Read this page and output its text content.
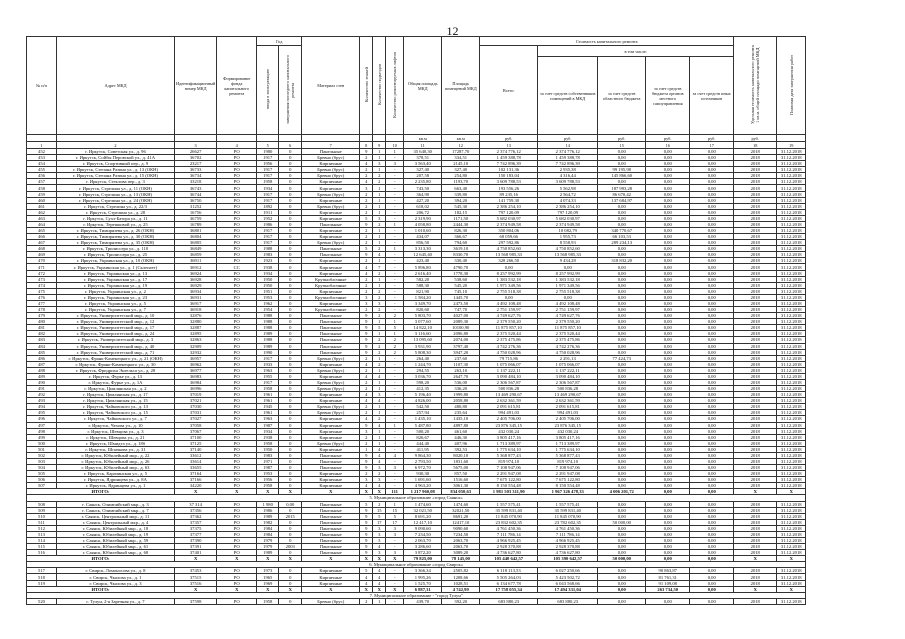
12
№ п/п	Адрес МКД	Идентификационный номер МКД	Формирование фонда капитального ремонта	Год		Материал стен	Количество этажей	Количество подъездов	Количество ремонтируемых лифтов	Общая площадь МКД	Площадь помещений МКД	Стоимость капитального ремонта					Удельная стоимость капитального ремонта 1 кв.м. общей площади помещений МКД	Плановая дата завершения работ
				ввода в эксплуатацию	завершения последнего капитального ремонта							Всего:	в том числе:					
													за счет средств собственников помещений в МКД	за счет средств областного бюджета	за счет средств бюджета органов местного самоуправления	за счет средств иных источников		
										кв.м	кв.м	руб.	руб.	руб.	руб.	руб.	руб.	
1	2	3	4	5	6	7	8	9	10	11	12	13	14	15	16	17	18	19
452	г. Иркутск, Советская ул., д. 96	26627	РО	1980	0	Панельные	9	1	1	35 640,30	17287,70	2 374 776,12	2 374 776,12	0,00	0,00	0,00	2018	31.12.2018
453	г. Иркутск, Сойбы Перовской ул., д. 41А	36702	РО	1917	0	Бревно (брус)	2	1	-	378,51	334,51	1 459 388,78	1 459 388,78	0,00	0,00	0,00	2018	31.12.2018
454	г. Иркутск, Спортивный пер., д. 9	23217	РО	1956	0	Кирпичные	4	3	3	3 563,40	2145,10	7 742 896,39	7 742 896,39	0,00	0,00	0,00	2018	31.12.2018
455	г. Иркутск, Степана Разина ул., д. 13 (ОКН)	36733	РО	1917	0	Бревно (брус)	2	1	-	327,40	327,40	102 131,36	2 935,38	99 195,98	0,00	0,00	2018	31.12.2018
456	г. Иркутск, Степана Разина ул., д. 15 (ОКН)	36734	РО	1917	0	Бревно (брус)	2	2	-	207,58	254,80	150 183,04	4 316,44	145 866,60	0,00	0,00	2018	31.12.2018
457	г. Иркутск, Стеклова пер., д. 3	33218	РО	1958	0	Кирпичные	4	2	-	2 235,80	1193,70	3 609 788,53	3 609 788,53	0,00	0,00	0,00	2018	31.12.2018
458	г. Иркутск, Стрелина ул., д. 11 (ОКН)	36743	РО	1934	0	Кирпичные	3	1	-	743,50	663,40	193 556,26	5 562,98	187 993,28	0,00	0,00	2018	31.12.2018
459	г. Иркутск, Стрелина ул., д. 13 (ОКН)	36744	РО	1917	0	Бревно (брус)	2	1	-	364,90	339,80	89 235,16	2 564,72	86 670,42	0,00	0,00	2018	31.12.2018
460	г. Иркутск, Стрелина ул., д. 24 (ОКН)	36750	РО	1917	0	Кирпичные	2	1	-	427,20	394,20	141 759,30	4 074,33	137 684,97	0,00	0,00	2018	31.12.2018
461	г. Иркутск, Стрелина ул., д. 22/3	31252	РО	1892	0	Бревно (брус)	2	1	-	618,02	545,30	2 386 254,10	2 386 254,10	0,00	0,00	0,00	2018	31.12.2018
462	г. Иркутск, Стрелина ул., д. 28	16756	РО	1911	0	Кирпичные	2	1	-	206,72	182,15	797 120,09	797 120,09	0,00	0,00	0,00	2018	31.12.2018
463	г. Иркутск, Сухэ-Батора ул., д. 11	36759	РО	1952	0	Кирпичные	5	3	-	2 319,90	1171,50	5 682 030,97	5 682 030,97	0,00	0,00	0,00	2018	31.12.2018
464	г. Иркутск, Терешковой ул., д. 25	16789	РО	1986	0	Панельные	9	2	1	4 058,80	2444,30	2 374 949,58	2 374 949,58	0,00	0,00	0,00	2018	31.12.2018
465	г. Иркутск, Тимирязева ул., д. 26 (ОКН)	36801	РО	1917	0	Кирпичные	2	1	-	1 010,60	826,30	350 804,06	10 082,79	340 770,67	0,00	0,00	2018	31.12.2018
466	г. Иркутск, Тимирязева ул., д. 30 (ОКН)	36804	РО	1917	0	Кирпичные	2	1	-	434,07	366,67	68 059,66	1 955,73	66 103,53	0,00	0,00	2018	31.12.2018
467	г. Иркутск, Тимирязева ул., д. 35 (ОКН)	36805	РО	1917	0	Бревно (брус)	2	1	-	856,50	794,60	297 592,86	8 558,93	289 234,13	0,00	0,00	2018	31.12.2018
468	г. Иркутск, Трилиссера ул., д. 110	36849	РО	1988	0	Панельные	5	2	1	3 313,30	3619,10	4 750 852,60	4 750 852,60	0,00	0,00	0,00	2018	31.12.2018
469	г. Иркутск, Трилиссера ул., д. 25	36859	РО	1983	0	Панельные	9	4	-	12 645,40	8330,70	13 568 985,33	13 568 985,33	0,00	0,00	0,00	2018	31.12.2018
470	г. Иркутск, Украинская ул., д. 10 (ОКН)	36911	РО	1923	0	Кирпичные	2	1	-	423,40	330,40	328 266,50	9 434,28	318 832,20	0,00	0,00	2018	31.12.2018
471	г. Иркутск, Украинская ул., д. 1 (Склепает)	36912	СС	1938	0	Кирпичные	4	7	-	5 896,80	4790,70	0,00	0,00	0,00	0,00	0,00	2018	31.12.2018
472	г. Иркутск, Украинская ул., д. 13	36924	РО	1934	0	Кирпичные	4	2	-	2 616,40	1778,30	8 257 992,99	8 257 992,99	0,00	0,00	0,00	2018	31.12.2018
473	г. Иркутск, Украинская ул., д. 17	36928	РО	1950	0	Крупноблочные	2	1	-	582,20	538,60	1 383 532,18	1 383 532,18	0,00	0,00	0,00	2018	31.12.2018
474	г. Иркутск, Украинская ул., д. 19	36929	РО	1950	0	Крупноблочные	2	1	-	588,30	545,20	1 971 349,56	1 971 349,56	0,00	0,00	0,00	2018	31.12.2018
475	г. Иркутск, Украинская ул., д. 2	36934	РО	1951	0	Кирпичные	2	2	-	821,90	745,10	2 755 518,38	2 755 518,38	0,00	0,00	0,00	2018	31.12.2018
476	г. Иркутск, Украинская ул., д. 23	36931	РО	1953	0	Крупноблочные	3	2	-	1 584,20	1445,70	0,00	0,00	0,00	0,00	0,00	2018	31.12.2018
477	г. Иркутск, Украинская ул., д. 5	36917	РО	1962	0	Кирпичные	3	3	-	3 349,70	2473,50	4 492 108,48	4 492 108,48	0,00	0,00	0,00	2018	31.12.2018
478	г. Иркутск, Украинская ул., д. 7	36918	РО	1954	0	Крупноблочные	2	2	-	820,60	747,70	2 751 159,97	2 751 159,97	0,00	0,00	0,00	2018	31.12.2018
479	г. Иркутск, Университетский мкр., д. 10	32876	РО	1988	0	Панельные	9	2	2	5 803,70	4027,00	4 749 627,76	4 749 627,76	0,00	0,00	0,00	2018	31.12.2018
480	г. Иркутск, Университетский мкр., д. 12	32880	РО	1988	0	Панельные	9	1	1	3 077,60	2089,30	2 379 550,20	2 379 550,20	0,00	0,00	0,00	2018	31.12.2018
481	г. Иркутск, Университетский мкр., д. 17	32887	РО	1988	0	Панельные	9	5	5	14 822,10	10100,90	11 875 857,10	11 875 857,10	0,00	0,00	0,00	2018	31.12.2018
482	г. Иркутск, Университетский мкр., д. 24	32895	РО	1989	0	Панельные	9	1	1	3 116,60	2096,80	2 375 520,44	2 375 520,44	0,00	0,00	0,00	2018	31.12.2018
483	г. Иркутск, Университетский мкр., д. 3	32863	РО	1988	0	Панельные	9	2	2	13 095,60	2074,00	2 375 475,86	2 375 475,86	0,00	0,00	0,00	2018	31.12.2018
484	г. Иркутск, Университетский мкр., д. 40	32909	РО	1989	0	Панельные	9	2	2	3 931,90	3797,40	4 742 276,36	4 742 276,36	0,00	0,00	0,00	2018	31.12.2018
485	г. Иркутск, Университетский мкр., д. 71	32932	РО	1990	0	Панельные	9	2	2	5 808,30	3947,20	4 750 028,96	4 750 028,96	0,00	0,00	0,00	2018	31.12.2018
486	г. Иркутск, Франк-Каменецкого ул., д. 21 (ОКН)	36957	РО	1917	0	Бревно (брус)	2	1	-	264,40	237,60	79 715,86	2 291,13	77 424,73	0,00	0,00	2018	31.12.2018
487	г. Иркутск, Франк-Каменецкого ул., д. 30	36962	РО	1933	0	Кирпичные	4	2	-	1 244,70	1107,30	1 075 066,07	1 075 066,07	0,00	0,00	0,00	2018	31.12.2018
488	г. Иркутск, Фридриха Энгельса ул., д. 28	36977	РО	1963	0	Бревно (брус)	2	1	-	294,55	263,10	1 137 222,11	1 137 222,11	0,00	0,00	0,00	2018	31.12.2018
489	г. Иркутск, Фурье ул., д. 13	36983	РО	1955	0	Кирпичные	4	4	-	3 036,70	2647,70	3 090 484,10	3 090 484,10	0,00	0,00	0,00	2018	31.12.2018
490	г. Иркутск, Фурье ул., д. 1А	36984	РО	1917	0	Бревно (брус)	2	1	-	598,20	536,00	2 306 567,87	2 306 567,87	0,00	0,00	0,00	2018	31.12.2018
491	г. Иркутск, Цимлянская ул., д. 2	36996	РО	1958	0	Бревно (брус)	2	1	-	412,35	336,20	500 836,28	500 836,28	0,00	0,00	0,00	2018	31.12.2018
492	г. Иркутск, Цимлянская ул., д. 17	37019	РО	1961	0	Кирпичные	4	3	-	5 196,40	1999,80	13 469 290,67	13 469 290,67	0,00	0,00	0,00	2018	31.12.2018
493	г. Иркутск, Цимлянская ул., д. 15	37021	РО	1961	0	Кирпичные	4	4	-	4 826,00	2058,80	2 632 361,59	2 632 361,59	0,00	0,00	0,00	2018	31.12.2018
494	г. Иркутск, Чайковского ул., д. 13	37030	РО	1945	0	Бревно (брус)	2	1	-	542,50	480,80	2 091 615,81	2 091 615,81	0,00	0,00	0,00	2018	31.12.2018
495	г. Иркутск, Чайковского ул., д. 15	37031	РО	1961	0	Бревно (брус)	2	1	-	257,94	235,64	994 491,03	994 491,03	0,00	0,00	0,00	2018	31.12.2018
496	г. Иркутск, Чайковского ул., д. 7	37027	РО	1963	0	Кирпичные	4	2	-	1 435,10	1435,10	2 405 706,00	2 405 706,00	0,00	0,00	0,00	2018	31.12.2018
497	г. Иркутск, Чехова ул., д. 10	37058	РО	1987	0	Кирпичные	9	4	1	5 487,80	4897,80	23 876 345,15	23 876 345,15	0,00	0,00	0,00	2018	31.12.2018
498	г. Иркутск, Шевцова ул., д. 3	37067	РО	1934	0	Кирпичные	3	1	-	500,20	461,60	432 030,24	432 030,24	0,00	0,00	0,00	2018	31.12.2018
499	г. Иркутск, Шевцова ул., д. 21	37100	РО	1938	0	Кирпичные	2	1	-	826,67	446,30	3 805 417,16	3 805 417,16	0,00	0,00	0,00	2018	31.12.2018
500	г. Иркутск, Шмидта ул., д. 18б	37125	РО	1958	0	Бревно (брус)	2	1	-	444,40	407,96	1 713 389,97	1 713 389,97	0,00	0,00	0,00	2018	31.12.2018
501	г. Иркутск, Шпачкова ул., д. 31	37140	РО	1950	0	Кирпичные	1	4	-	411,95	392,53	1 775 634,10	1 775 634,10	0,00	0,00	0,00	2018	31.12.2018
502	г. Иркутск, Юбилейный мкр., д. 22	33612	РО	1983	0	Панельные	9	4	4	9 864,30	8020,10	5 368 877,43	5 368 877,43	0,00	0,00	0,00	2018	31.12.2018
503	г. Иркутск, Юбилейный мкр., д. 26	33614	РО	1971	0	Панельные	9	4	-	2 793,50	1831,60	819 974,10	819 974,10	0,00	0,00	0,00	2018	31.12.2018
504	г. Иркутск, Юбилейный мкр., д. 63	33655	РО	1987	0	Панельные	9	3	3	6 972,70	5675,00	7 108 947,06	7 108 947,06	0,00	0,00	0,00	2018	31.12.2018
505	г. Иркутск, Карачинская ул., д. 5	37164	РО	1953	0	Кирпичные	2	2	-	930,30	857,50	2 291 947,08	2 291 947,08	0,00	0,00	0,00	2018	31.12.2018
506	г. Иркутск, Ядринцева ул., д. 8А	37166	РО	1956	0	Кирпичные	3	3	-	1 691,60	1516,60	7 675 122,80	7 675 122,80	0,00	0,00	0,00	2018	31.12.2018
507	г. Иркутск, Ядринцева ул., д. 1	34220	РО	1958	0	Кирпичные	4	4	-	4 963,20	3061,30	8 150 554,48	8 150 554,48	0,00	0,00	0,00	2018	31.12.2018
ИТОГО:		X	X	X	X	X	X	X	111	1 217 960,08	834 050,63	1 981 503 311,90	1 967 326 478,33	4 006 201,72	0,00	0,00	X	X
5. Муниципальное образование «город Саянск»																		
508	г. Саянск, Олимпийский мкр., д. 3	37 314	РО	1 980	0,00	Панельные	5	2	1	1 474,60	1474,60	1 557 575,41	1 557 575,41	0,00	0,00	0,00	2018	31.12.2018
509	г. Саянск, Олимпийский мкр., д. 7	37356	РО	1986	0	Панельные	9	15	15	32 021,50	32021,50	35 599 831,40	35 599 831,40	0,00	0,00	0,00	2018	31.12.2018
510	г. Саянск, Центральный мкр., д. 11	37362	РО	1989	2015	Панельные	9	5	5	8 691,20	8691,20	11 845 070,90	11 845 070,90	0,00	0,00	0,00	2018	31.12.2018
511	г. Саянск, Центральный мкр., д. 4	37357	РО	1982	0	Панельные	9	17	17	12 417,10	12417,10	23 832 602,35	23 782 602,35	50 000,00	0,00	0,00	2018	31.12.2018
512	г. Саянск, Юбилейный мкр., д. 18	37375	РО	1984	0	Панельные	9	3	3	9 090,60	9090,60	4 761 450,36	4 761 450,36	0,00	0,00	0,00	2018	31.12.2018
513	г. Саянск, Юбилейный мкр., д. 19	37377	РО	1984	0	Панельные	9	3	3	7 234,50	7234,50	7 111 786,14	7 111 786,14	0,00	0,00	0,00	2018	31.12.2018
514	г. Саянск, Юбилейный мкр., д. 59	37390	РО	1979	0	Панельные	9	3	-	2 063,70	2063,70	4 966 925,45	4 966 925,45	0,00	0,00	0,00	2018	31.12.2018
515	г. Саянск, Юбилейный мкр., д. 61	37391	РО	1979	2003	Панельные	9	4	-	3 286,60	2063,70	2 928 370,88	2 928 370,88	0,00	0,00	0,00	2018	31.12.2018
516	г. Саянск, Юбилейный мкр., д. 68	37401	РО	1989	0	Панельные	9	3	3	3 872,20	3089,20	4 736 627,80	4 736 627,80	0,00	0,00	0,00	2018	31.12.2018
ИТОГО:		X	X	X	X	X	X	X	X	79 825,00	78 145,00	105 440 642,57	105 390 642,57	50 000,00	0,00	0,00	X	X
6. Муниципальное образование «город Свирск»																		
517	г. Свирск, Ломоносова ул., д. 8	37453	РО	1973	0	Кирпичные	5	4	-	3 366,34	2505,82	6 118 113,53	6 027 250,66	0,00	90 863,87	0,00	2018	31.12.2018
518	г. Свирск, Чкалова ул., д. 1	37515	РО	1965	0	Кирпичные	4	4	-	1 995,26	1208,66	5 505 264,03	5 423 502,72	0,00	81 761,31	0,00	2018	31.12.2018
519	г. Свирск, Чкалова ул., д. 3	37516	РО	1969	0	Кирпичные	4	4	-	1 525,70	1028,51	6 134 677,78	6 043 568,66	0,00	91 109,08	0,00	2018	31.12.2018
ИТОГО:		X	X	X	X	X	X	X	X	6 887,31	4 742,99	17 758 055,34	17 494 331,04	0,00	263 734,50	0,00	X	X
7. Муниципальное образование - "город Тулун"																		
520	г. Тулун, 2-я Заречная ул., д. 7	37598	РО	1958	0	Бревно (брус)	2	1	-	439,70	392,20	683 880,23	683 880,23	0,00	0,00	0,00	2018	31.12.2018
